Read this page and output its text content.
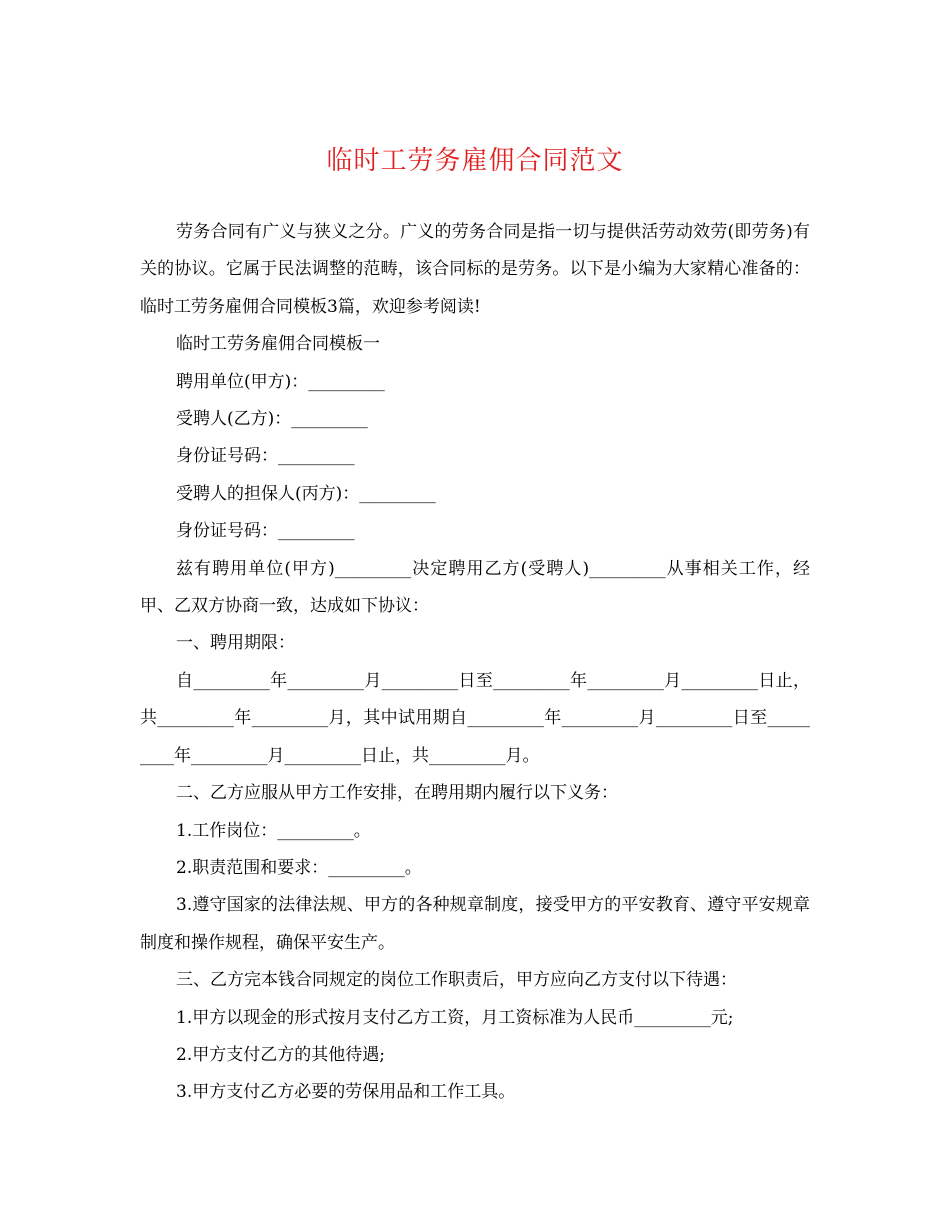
临时工劳务雇佣合同范文

劳务合同有广义与狭义之分。广义的劳务合同是指一切与提供活劳动效劳(即劳务)有关的协议。它属于民法调整的范畴，该合同标的是劳务。以下是小编为大家精心准备的：临时工劳务雇佣合同模板3篇，欢迎参考阅读!

临时工劳务雇佣合同模板一

聘用单位(甲方)：_________

受聘人(乙方)：_________

身份证号码：_________

受聘人的担保人(丙方)：_________

身份证号码：_________

兹有聘用单位(甲方)_________决定聘用乙方(受聘人)_________从事相关工作，经甲、乙双方协商一致，达成如下协议：

一、聘用期限：

自_________年_________月_________日至_________年_________月_________日止，共_________年_________月，其中试用期自_________年_________月_________日至_________年_________月_________日止，共_________月。

二、乙方应服从甲方工作安排，在聘用期内履行以下义务：

1.工作岗位：_________。

2.职责范围和要求：_________。

3.遵守国家的法律法规、甲方的各种规章制度，接受甲方的平安教育、遵守平安规章制度和操作规程，确保平安生产。

三、乙方完本钱合同规定的岗位工作职责后，甲方应向乙方支付以下待遇：

1.甲方以现金的形式按月支付乙方工资，月工资标准为人民币_________元;

2.甲方支付乙方的其他待遇;

3.甲方支付乙方必要的劳保用品和工作工具。
